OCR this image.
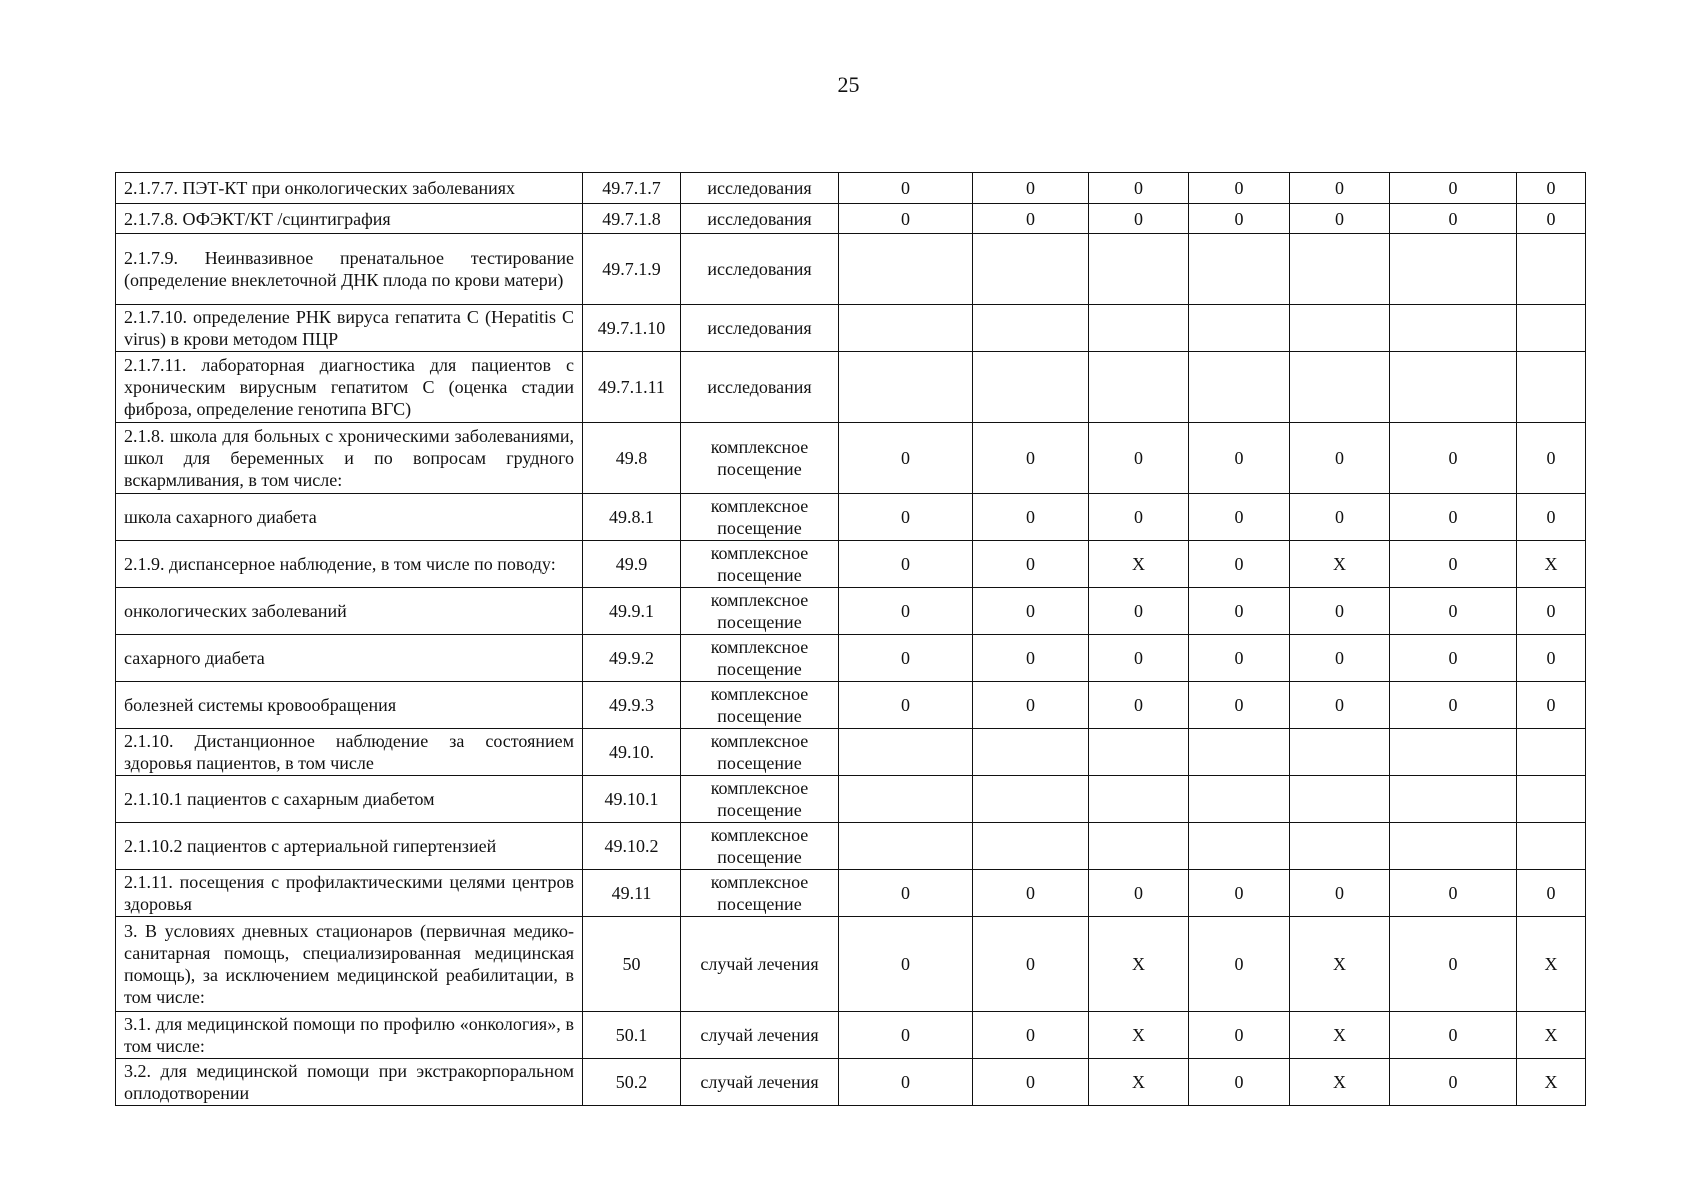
25
2.1.7.7. ПЭТ-КТ при онкологических заболеваниях	49.7.1.7	исследования	0	0	0	0	0	0	0
2.1.7.8. ОФЭКТ/КТ /сцинтиграфия	49.7.1.8	исследования	0	0	0	0	0	0	0
2.1.7.9. Неинвазивное пренатальное тестирование (определение внеклеточной ДНК плода по крови матери)	49.7.1.9	исследования							
2.1.7.10. определение РНК вируса гепатита C (Hepatitis C virus) в крови методом ПЦР	49.7.1.10	исследования							
2.1.7.11. лабораторная диагностика для пациентов с хроническим вирусным гепатитом С (оценка стадии фиброза, определение генотипа ВГС)	49.7.1.11	исследования							
2.1.8. школа для больных с хроническими заболеваниями, школ для беременных и по вопросам грудного вскармливания, в том числе:	49.8	комплексное посещение	0	0	0	0	0	0	0
школа сахарного диабета	49.8.1	комплексное посещение	0	0	0	0	0	0	0
2.1.9. диспансерное наблюдение, в том числе по поводу:	49.9	комплексное посещение	0	0	X	0	X	0	X
онкологических заболеваний	49.9.1	комплексное посещение	0	0	0	0	0	0	0
сахарного диабета	49.9.2	комплексное посещение	0	0	0	0	0	0	0
болезней системы кровообращения	49.9.3	комплексное посещение	0	0	0	0	0	0	0
2.1.10. Дистанционное наблюдение за состоянием здоровья пациентов, в том числе	49.10.	комплексное посещение							
2.1.10.1 пациентов с сахарным диабетом	49.10.1	комплексное посещение							
2.1.10.2 пациентов с артериальной гипертензией	49.10.2	комплексное посещение							
2.1.11. посещения с профилактическими целями центров здоровья	49.11	комплексное посещение	0	0	0	0	0	0	0
3. В условиях дневных стационаров (первичная медико-санитарная помощь, специализированная медицинская помощь), за исключением медицинской реабилитации, в том числе:	50	случай лечения	0	0	X	0	X	0	X
3.1. для медицинской помощи по профилю «онкология», в том числе:	50.1	случай лечения	0	0	X	0	X	0	X
3.2. для медицинской помощи при экстракорпоральном оплодотворении	50.2	случай лечения	0	0	X	0	X	0	X
